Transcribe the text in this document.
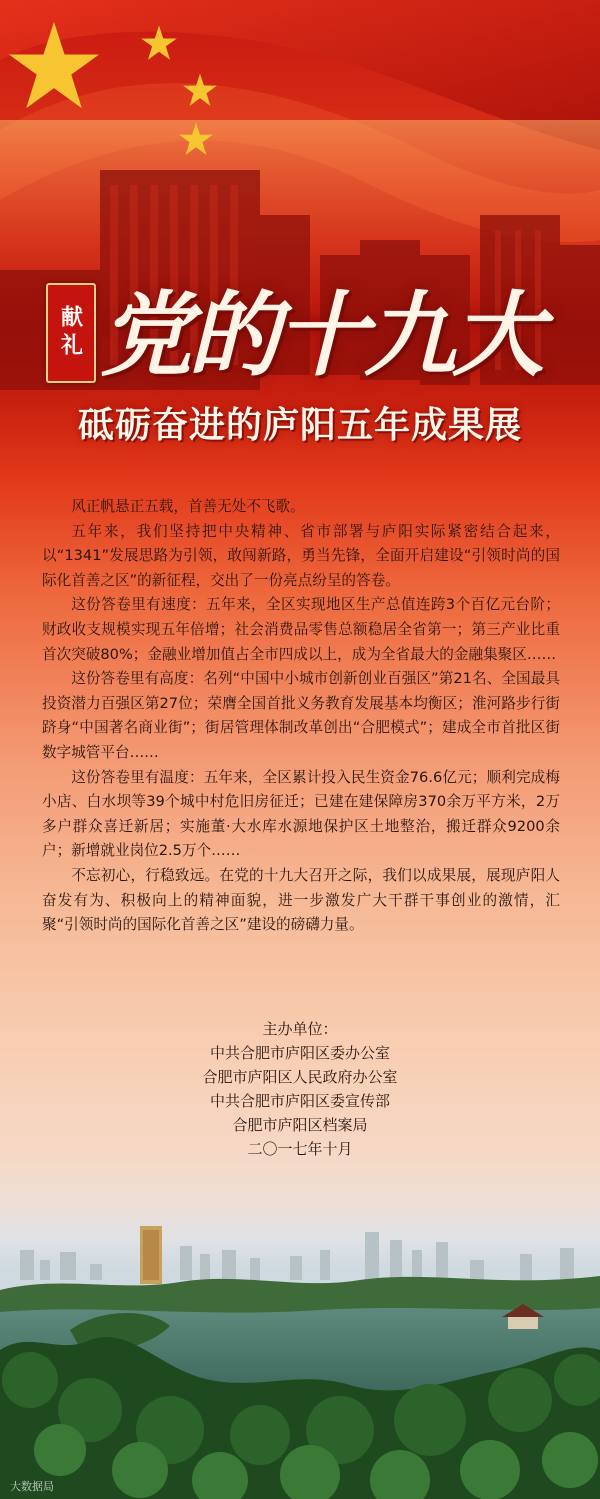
献礼 党的十九大
砥砺奋进的庐阳五年成果展

风正帆悬正五载，首善无处不飞歌。

五年来，我们坚持把中央精神、省市部署与庐阳实际紧密结合起来，以“1341”发展思路为引领，敢闯新路，勇当先锋，全面开启建设“引领时尚的国际化首善之区”的新征程，交出了一份亮点纷呈的答卷。

这份答卷里有速度：五年来，全区实现地区生产总值连跨3个百亿元台阶；财政收支规模实现五年倍增；社会消费品零售总额稳居全省第一；第三产业比重首次突破80%；金融业增加值占全市四成以上，成为全省最大的金融集聚区……

这份答卷里有高度：名列“中国中小城市创新创业百强区”第21名、全国最具投资潜力百强区第27位；荣膺全国首批义务教育发展基本均衡区；淮河路步行街跻身“中国著名商业街”；街居管理体制改革创出“合肥模式”；建成全市首批区街数字城管平台……

这份答卷里有温度：五年来，全区累计投入民生资金76.6亿元；顺利完成梅小店、白水坝等39个城中村危旧房征迁；已建在建保障房370余万平方米，2万多户群众喜迁新居；实施董·大水库水源地保护区土地整治，搬迁群众9200余户；新增就业岗位2.5万个……

不忘初心，行稳致远。在党的十九大召开之际，我们以成果展，展现庐阳人奋发有为、积极向上的精神面貌，进一步激发广大干群干事创业的激情，汇聚“引领时尚的国际化首善之区”建设的磅礴力量。

主办单位：
中共合肥市庐阳区委办公室
合肥市庐阳区人民政府办公室
中共合肥市庐阳区委宣传部
合肥市庐阳区档案局
二〇一七年十月
大数据局
